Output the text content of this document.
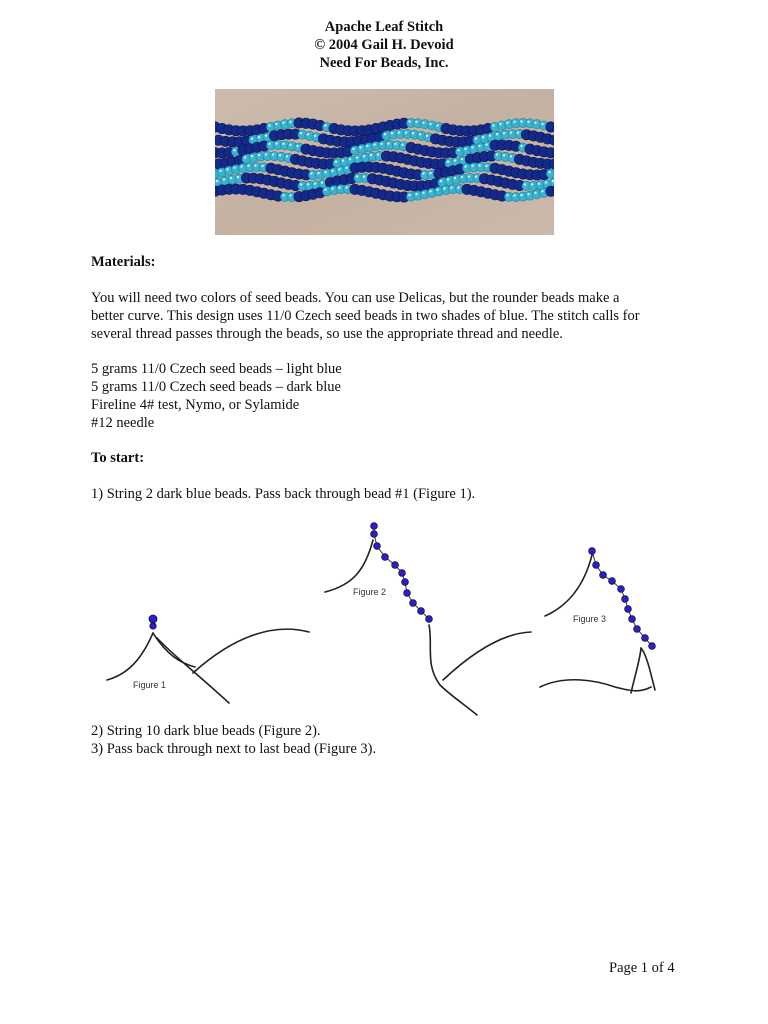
Apache Leaf Stitch
© 2004 Gail H. Devoid
Need For Beads, Inc.
Materials:
You will need two colors of seed beads. You can use Delicas, but the rounder beads make a
better curve. This design uses 11/0 Czech seed beads in two shades of blue. The stitch calls for
several thread passes through the beads, so use the appropriate thread and needle.
5 grams 11/0 Czech seed beads – light blue
5 grams 11/0 Czech seed beads – dark blue
Fireline 4# test, Nymo, or Sylamide
#12 needle
To start:
1) String 2 dark blue beads. Pass back through bead #1 (Figure 1).
Figure 1
Figure 2
Figure 3
2) String 10 dark blue beads (Figure 2).
3) Pass back through next to last bead (Figure 3).
Page 1 of 4
